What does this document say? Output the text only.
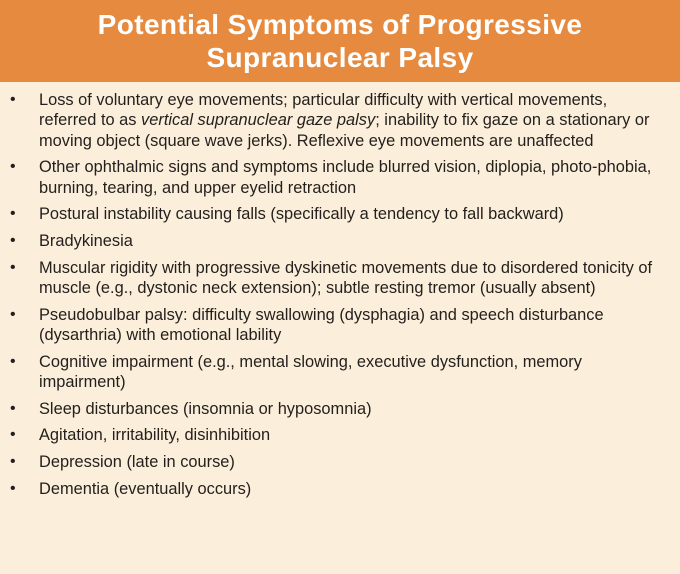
Potential Symptoms of Progressive
Supranuclear Palsy
• Loss of voluntary eye movements; particular difficulty with vertical movements, referred to as vertical supranuclear gaze palsy; inability to fix gaze on a stationary or moving object (square wave jerks). Reflexive eye movements are unaffected
• Other ophthalmic signs and symptoms include blurred vision, diplopia, photo-phobia, burning, tearing, and upper eyelid retraction
• Postural instability causing falls (specifically a tendency to fall backward)
• Bradykinesia
• Muscular rigidity with progressive dyskinetic movements due to disordered tonicity of muscle (e.g., dystonic neck extension); subtle resting tremor (usually absent)
• Pseudobulbar palsy: difficulty swallowing (dysphagia) and speech disturbance (dysarthria) with emotional lability
• Cognitive impairment (e.g., mental slowing, executive dysfunction, memory impairment)
• Sleep disturbances (insomnia or hyposomnia)
• Agitation, irritability, disinhibition
• Depression (late in course)
• Dementia (eventually occurs)
